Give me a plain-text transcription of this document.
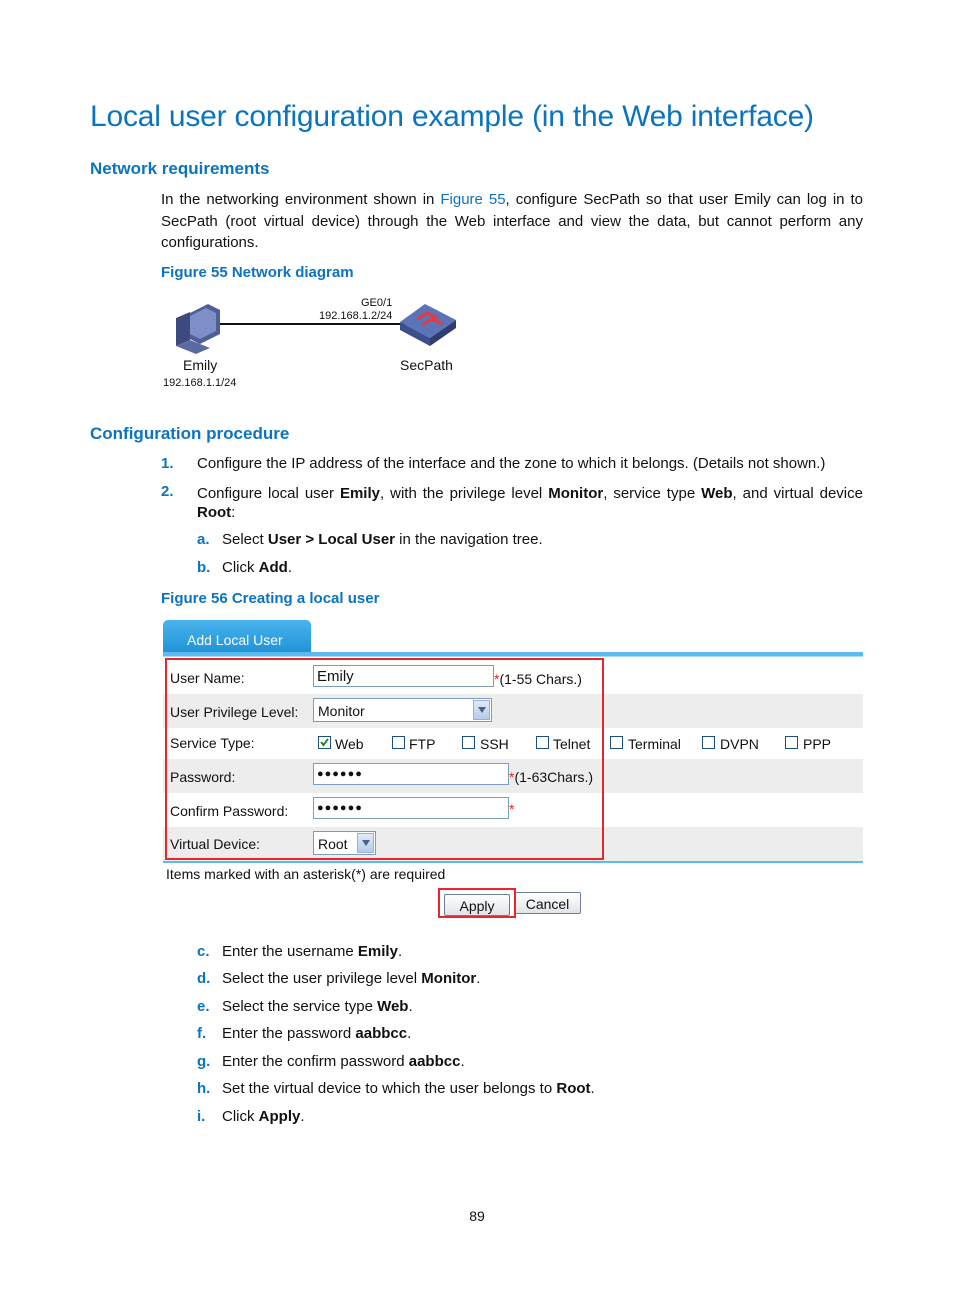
Local user configuration example (in the Web interface)
Network requirements
In the networking environment shown in Figure 55, configure SecPath so that user Emily can log in to SecPath (root virtual device) through the Web interface and view the data, but cannot perform any configurations.
Figure 55 Network diagram
GE0/1
192.168.1.2/24
Emily
192.168.1.1/24
SecPath
Configuration procedure
1. Configure the IP address of the interface and the zone to which it belongs. (Details not shown.)
2. Configure local user Emily, with the privilege level Monitor, service type Web, and virtual device
Root:
a. Select User > Local User in the navigation tree.
b. Click Add.
Figure 56 Creating a local user
Add Local User
User Name:	Emily	*(1-55 Chars.)
User Privilege Level: Monitor
Service Type:	Web	FTP	SSH	Telnet	Terminal	DVPN	PPP
Password:	●●●●●●	*(1-63Chars.)
Confirm Password:	●●●●●●	*
Virtual Device:	Root
Items marked with an asterisk(*) are required
Apply	Cancel
c. Enter the username Emily.
d. Select the user privilege level Monitor.
e. Select the service type Web.
f. Enter the password aabbcc.
g. Enter the confirm password aabbcc.
h. Set the virtual device to which the user belongs to Root.
i. Click Apply.
89
